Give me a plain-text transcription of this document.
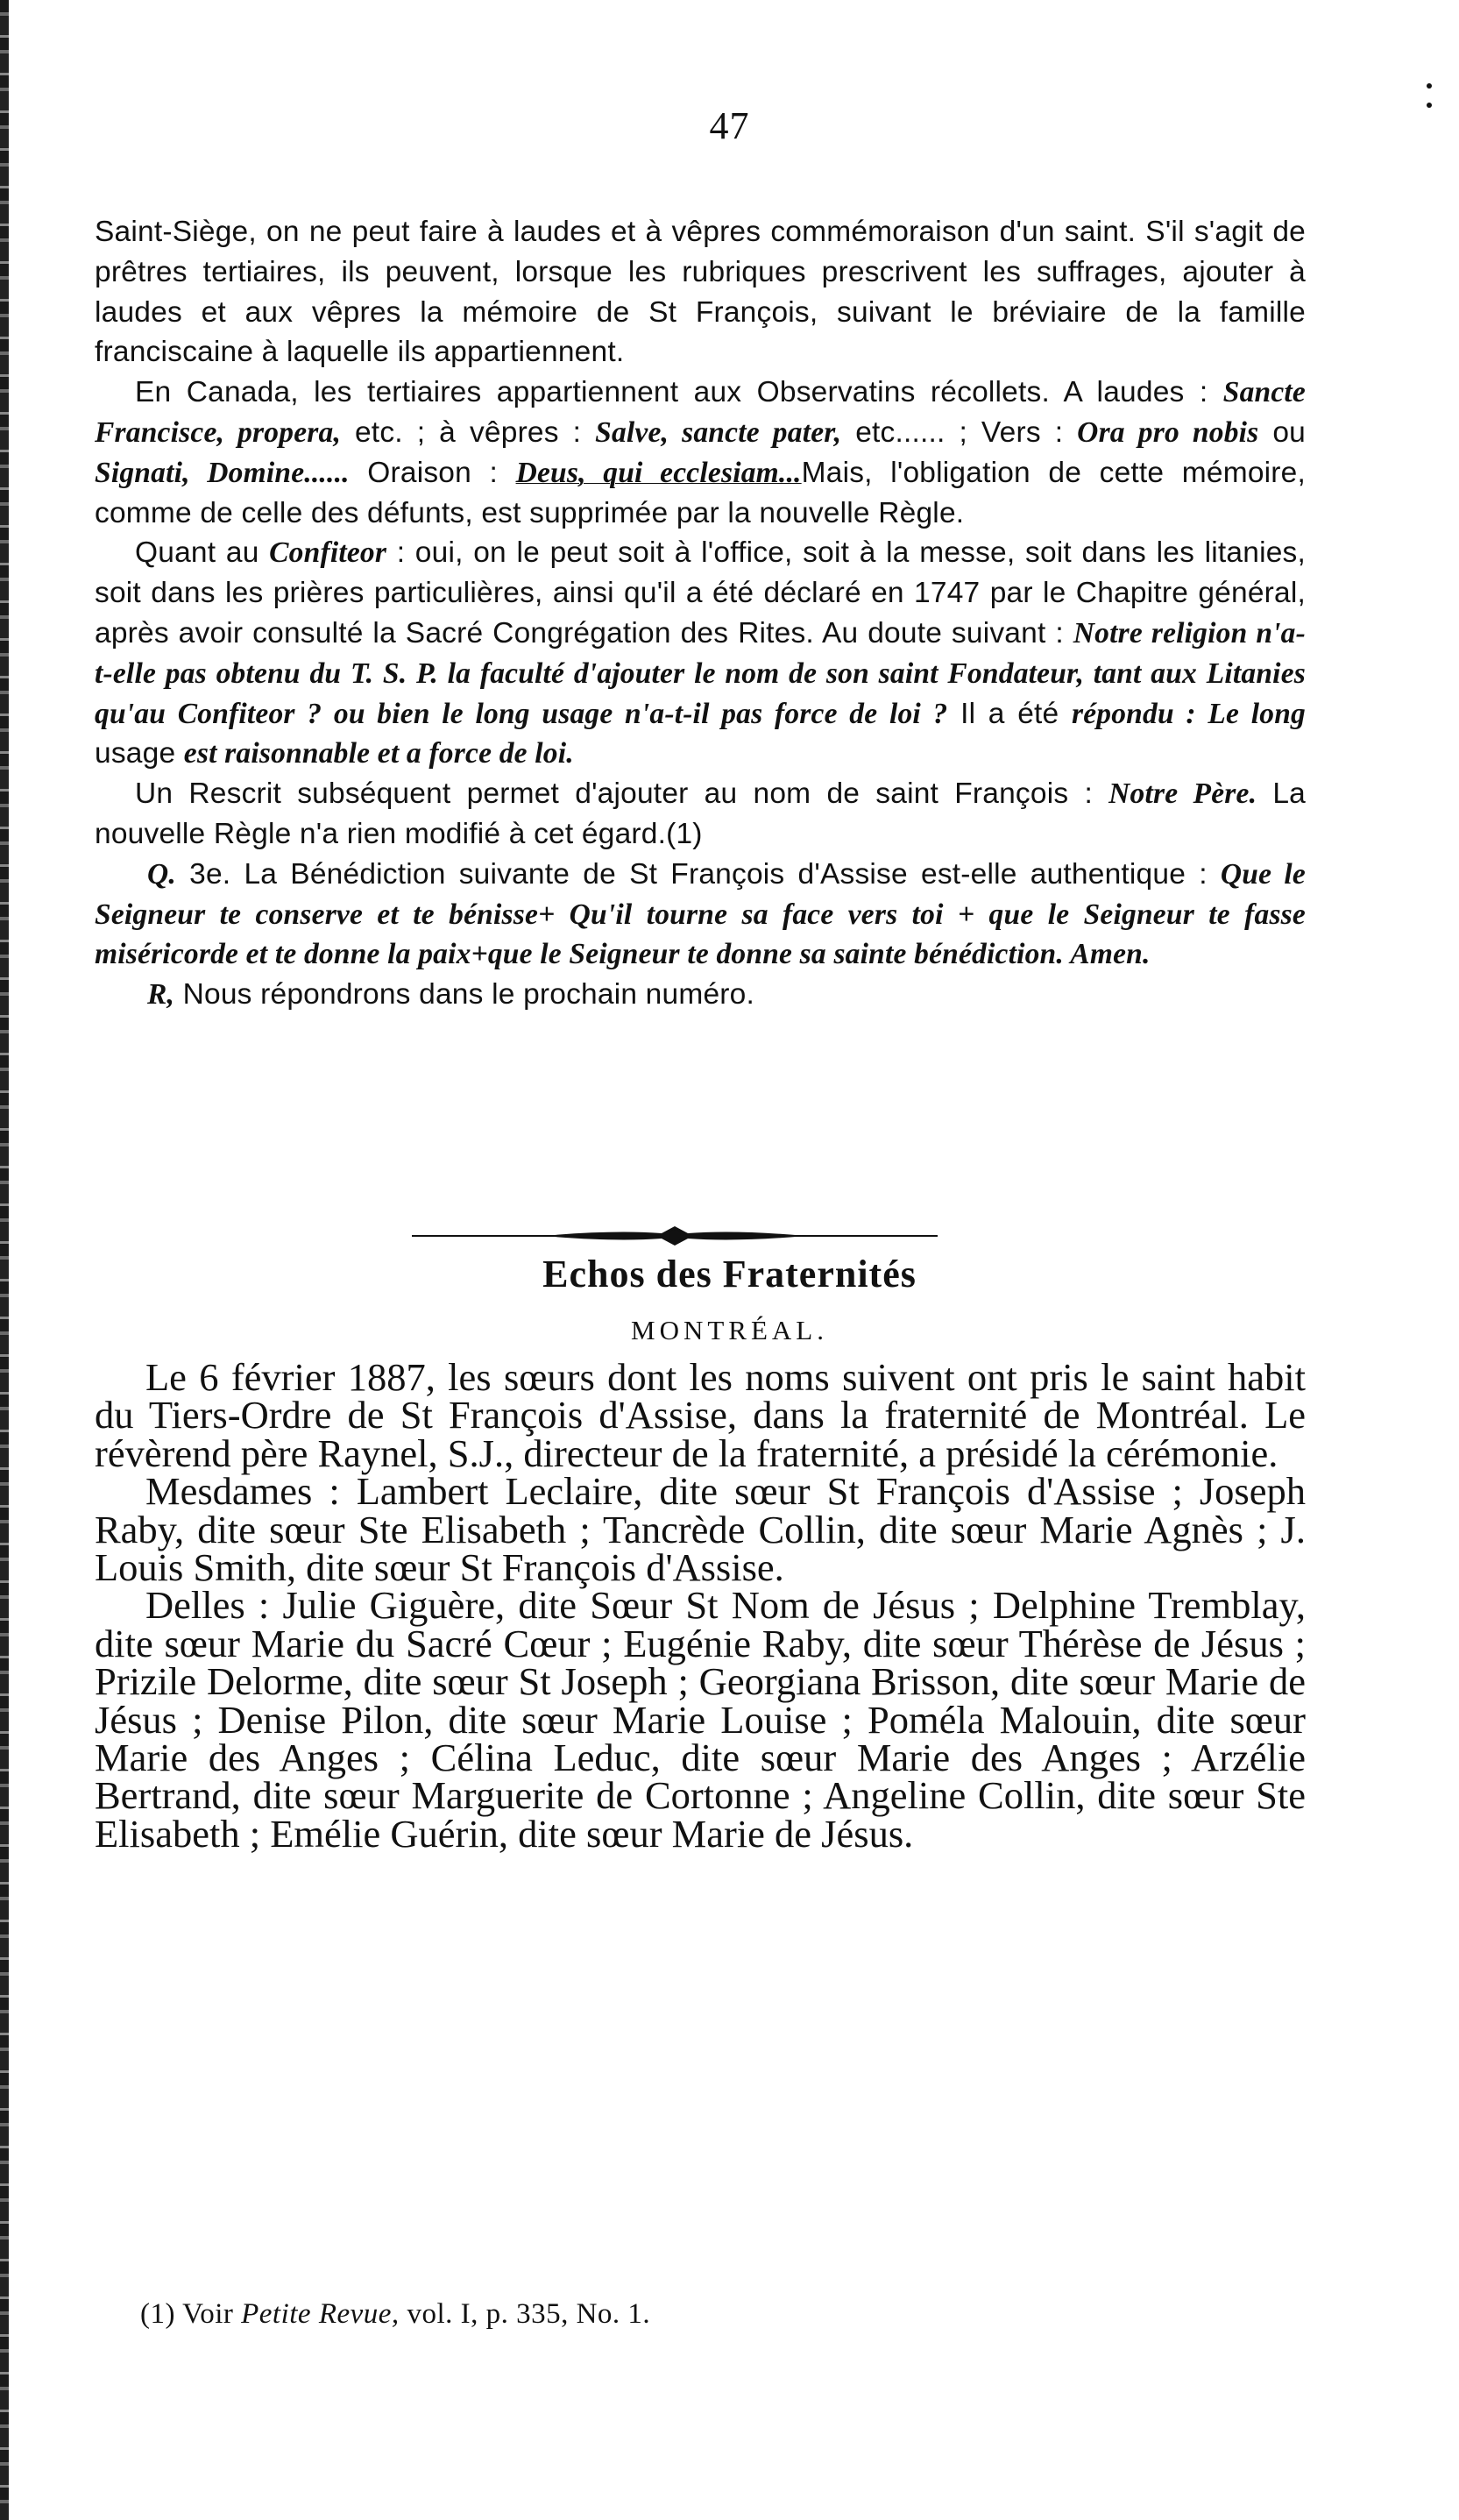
47

Saint-Siège, on ne peut faire à laudes et à vêpres commémoraison d'un saint. S'il s'agit de prêtres tertiaires, ils peuvent, lorsque les rubriques prescrivent les suffrages, ajouter à laudes et aux vêpres la mémoire de St François, suivant le bréviaire de la famille franciscaine à laquelle ils appartiennent.

En Canada, les tertiaires appartiennent aux Observatins récollets. A laudes : Sancte Francisce, propera, etc. ; à vêpres : Salve, sancte pater, etc...... ; Vers : Ora pro nobis ou Signati, Domine...... Oraison : Deus, qui ecclesiam...Mais, l'obligation de cette mémoire, comme de celle des défunts, est supprimée par la nouvelle Règle.

Quant au Confiteor : oui, on le peut soit à l'office, soit à la messe, soit dans les litanies, soit dans les prières particulières, ainsi qu'il a été déclaré en 1747 par le Chapitre général, après avoir consulté la Sacré Congrégation des Rites. Au doute suivant : Notre religion n'a-t-elle pas obtenu du T. S. P. la faculté d'ajouter le nom de son saint Fondateur, tant aux Litanies qu'au Confiteor ? ou bien le long usage n'a-t-il pas force de loi ? Il a été répondu : Le long usage est raisonnable et a force de loi.

Un Rescrit subséquent permet d'ajouter au nom de saint François : Notre Père. La nouvelle Règle n'a rien modifié à cet égard.(1)

Q. 3e. La Bénédiction suivante de St François d'Assise est-elle authentique : Que le Seigneur te conserve et te bénisse+ Qu'il tourne sa face vers toi + que le Seigneur te fasse miséricorde et te donne la paix+que le Seigneur te donne sa sainte bénédiction. Amen.

R, Nous répondrons dans le prochain numéro.

Echos des Fraternités
MONTRÉAL.

Le 6 février 1887, les sœurs dont les noms suivent ont pris le saint habit du Tiers-Ordre de St François d'Assise, dans la fraternité de Montréal. Le révèrend père Raynel, S.J., directeur de la fraternité, a présidé la cérémonie.

Mesdames : Lambert Leclaire, dite sœur St François d'Assise ; Joseph Raby, dite sœur Ste Elisabeth ; Tancrède Collin, dite sœur Marie Agnès ; J. Louis Smith, dite sœur St François d'Assise.

Delles : Julie Giguère, dite Sœur St Nom de Jésus ; Delphine Tremblay, dite sœur Marie du Sacré Cœur ; Eugénie Raby, dite sœur Thérèse de Jésus ; Prizile Delorme, dite sœur St Joseph ; Georgiana Brisson, dite sœur Marie de Jésus ; Denise Pilon, dite sœur Marie Louise ; Poméla Malouin, dite sœur Marie des Anges ; Célina Leduc, dite sœur Marie des Anges ; Arzélie Bertrand, dite sœur Marguerite de Cortonne ; Angeline Collin, dite sœur Ste Elisabeth ; Emélie Guérin, dite sœur Marie de Jésus.

(1) Voir Petite Revue, vol. I, p. 335, No. 1.
